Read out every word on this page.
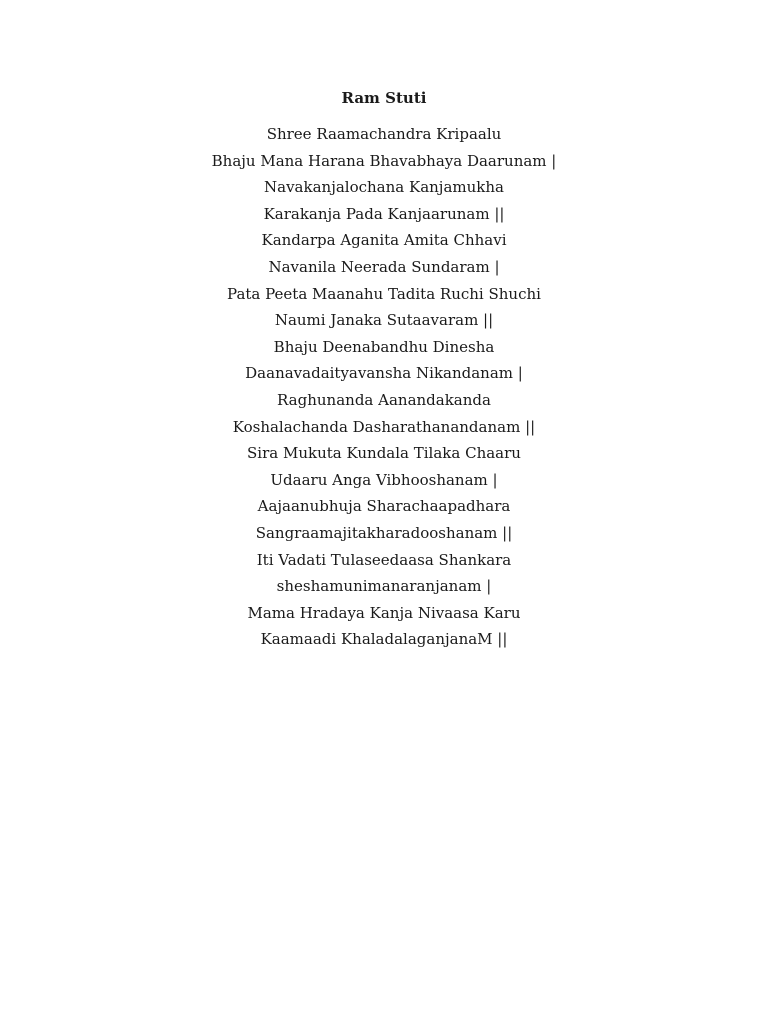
Ram Stuti
Shree Raamachandra Kripaalu
Bhaju Mana Harana Bhavabhaya Daarunam |
Navakanjalochana Kanjamukha
Karakanja Pada Kanjaarunam ||
Kandarpa Aganita Amita Chhavi
Navanila Neerada Sundaram |
Pata Peeta Maanahu Tadita Ruchi Shuchi
Naumi Janaka Sutaavaram ||
Bhaju Deenabandhu Dinesha
Daanavadaityavansha Nikandanam |
Raghunanda Aanandakanda
Koshalachanda Dasharathanandanam ||
Sira Mukuta Kundala Tilaka Chaaru
Udaaru Anga Vibhooshanam |
Aajaanubhuja Sharachaapadhara
Sangraamajitakharadooshanam ||
Iti Vadati Tulaseedaasa Shankara
sheshamunimanaranjanam |
Mama Hradaya Kanja Nivaasa Karu
Kaamaadi KhaladalaganjanaM ||
